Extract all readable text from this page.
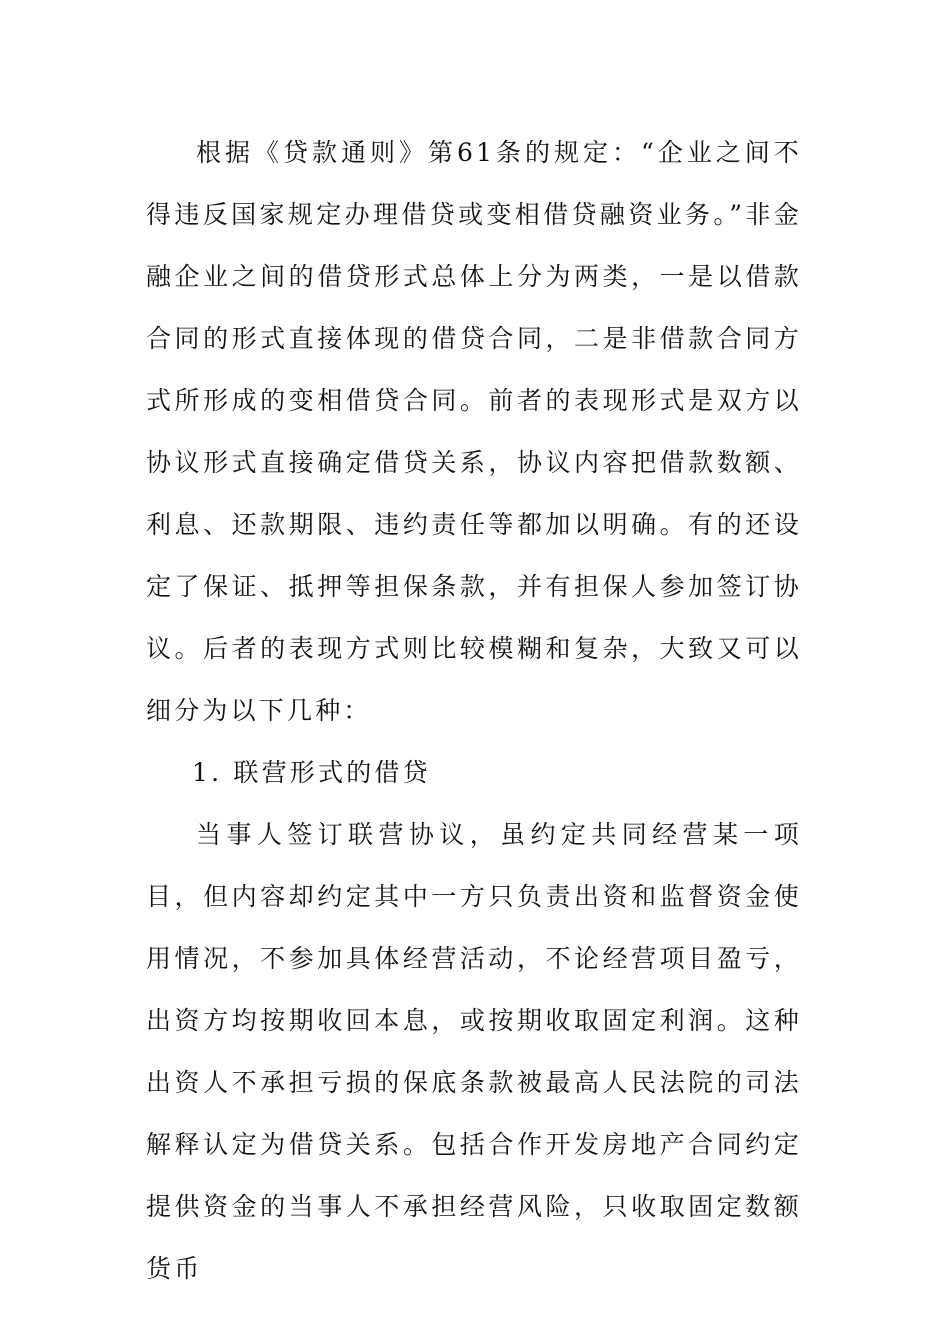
根据《贷款通则》第61条的规定：“企业之间不得违反国家规定办理借贷或变相借贷融资业务。”非金融企业之间的借贷形式总体上分为两类，一是以借款合同的形式直接体现的借贷合同，二是非借款合同方式所形成的变相借贷合同。前者的表现形式是双方以协议形式直接确定借贷关系，协议内容把借款数额、利息、还款期限、违约责任等都加以明确。有的还设定了保证、抵押等担保条款，并有担保人参加签订协议。后者的表现方式则比较模糊和复杂，大致又可以细分为以下几种：

1. 联营形式的借贷

当事人签订联营协议，虽约定共同经营某一项目，但内容却约定其中一方只负责出资和监督资金使用情况，不参加具体经营活动，不论经营项目盈亏，出资方均按期收回本息，或按期收取固定利润。这种出资人不承担亏损的保底条款被最高人民法院的司法解释认定为借贷关系。包括合作开发房地产合同约定提供资金的当事人不承担经营风险，只收取固定数额货币
